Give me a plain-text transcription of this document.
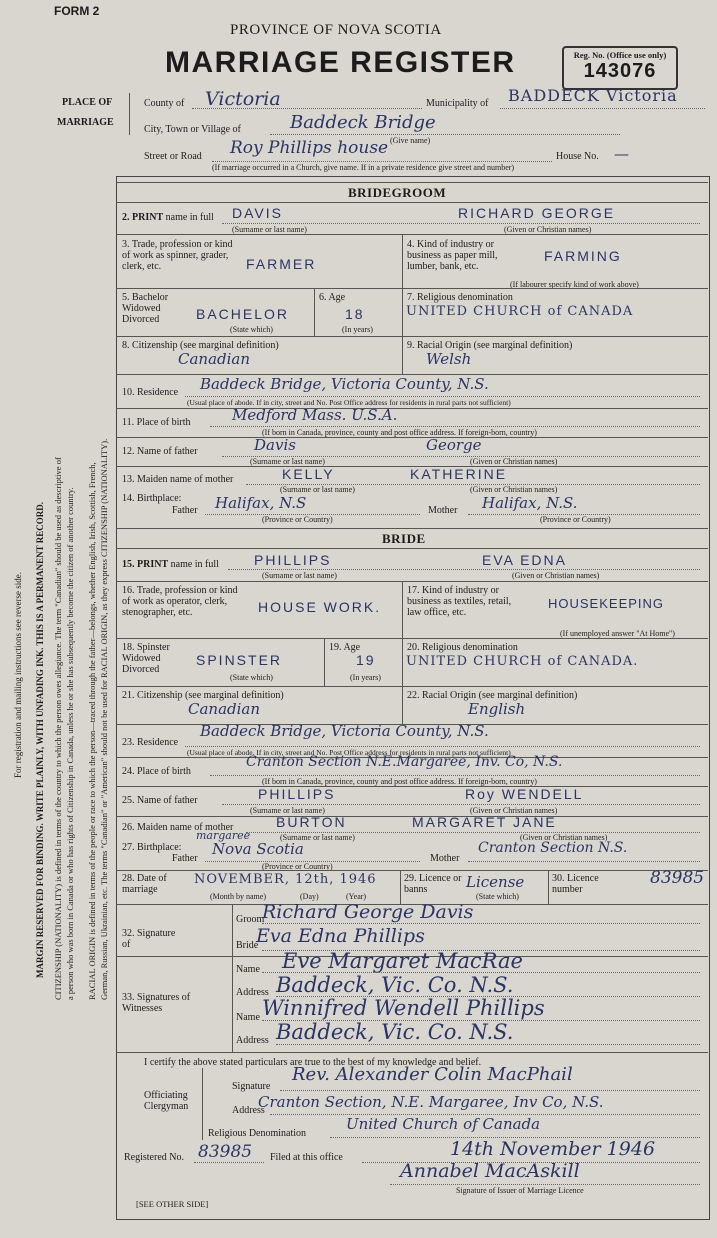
For registration and mailing instructions see reverse side. MARGIN RESERVED FOR BINDING. WRITE PLAINLY, WITH UNFADING INK. THIS IS A PERMANENT RECORD. CITIZENSHIP (NATIONALITY) is defined in terms of the country to which the person owes allegiance. The term "Canadian" should be used as descriptive of a person who was born in Canada or who has rights of Citizenship in Canada, unless he or she has subsequently become the citizen of another country. RACIAL ORIGIN is defined in terms of the people or race to which the person—traced through the father—belongs, whether English, Irish, Scottish, French, German, Russian, Ukrainian, etc. The terms "Canadian" or "American" should not be used for RACIAL ORIGIN, as they express CITIZENSHIP (NATIONALITY).
FORM 2
PROVINCE OF NOVA SCOTIA
MARRIAGE REGISTER	Reg. No. (Office use only)
143076
PLACE OF
MARRIAGE
County of Victoria	Municipality of BADDECK Victoria
City, Town or Village of	Baddeck Bridge
(Give name)
Street or Road Roy Phillips house	House No. —
(If marriage occurred in a Church, give name. If in a private residence give street and number)
BRIDEGROOM
2. PRINT name in full DAVIS	RICHARD GEORGE
(Surname or last name)	(Given or Christian names)
3. Trade, profession or kind of work as spinner, grader, clerk, etc.	FARMER
4. Kind of industry or business as paper mill, lumber, bank, etc.
FARMING
(If labourer specify kind of work above)
5. Bachelor Widowed Divorced	BACHELOR
(State which)
6. Age
18
(In years)
7. Religious denomination
UNITED CHURCH of CANADA
8. Citizenship (see marginal definition)
Canadian
9. Racial Origin (see marginal definition)
Welsh
10. Residence Baddeck Bridge, Victoria County, N.S.
(Usual place of abode. If in city, street and No. Post Office address for residents in rural parts not sufficient)
11. Place of birth	Medford Mass. U.S.A.
(If born in Canada, province, county and post office address. If foreign-born, country)
12. Name of father	Davis	George
(Surname or last name)	(Given or Christian names)
13. Maiden name of mother	KELLY	KATHERINE
(Surname or last name)	(Given or Christian names)
14. Birthplace:
Father Halifax, N.S
(Province or Country)
Mother Halifax, N.S.
(Province or Country)
BRIDE
15. PRINT name in full	PHILLIPS	EVA EDNA
(Surname or last name)	(Given or Christian names)
16. Trade, profession or kind of work as operator, clerk, stenographer, etc.	HOUSE WORK.
17. Kind of industry or business as textiles, retail, law office, etc.
HOUSEKEEPING
(If unemployed answer "At Home")
18. Spinster Widowed Divorced
SPINSTER
(State which)
19. Age
19
(In years)
20. Religious denomination
UNITED CHURCH of CANADA.
21. Citizenship (see marginal definition)
Canadian
22. Racial Origin (see marginal definition)
English
23. Residence
Baddeck Bridge, Victoria County, N.S.
(Usual place of abode. If in city, street and No. Post Office address for residents in rural parts not sufficient)
24. Place of birth
Cranton Section N.E.Margaree, Inv. Co, N.S.
(If born in Canada, province, county and post office address. If foreign-born, country)
25. Name of father	PHILLIPS	Roy WENDELL
(Surname or last name)	(Given or Christian names)
26. Maiden name of mother	BURTON	MARGARET JANE
(Surname or last name)	(Given or Christian names)
27. Birthplace:
margaree
Father
Nova Scotia
(Province or Country)
Mother
Cranton Section N.S.
28. Date of marriage
NOVEMBER, 12th, 1946
(Month by name)	(Day)	(Year)
29. Licence or banns	License
(State which)
30. Licence number
83985
32. Signature of
Groom
Richard George Davis
Bride
Eva Edna Phillips
33. Signatures of Witnesses
Name Eve Margaret MacRae
Address Baddeck, Vic. Co. N.S.
Name Winnifred Wendell Phillips
Address Baddeck, Vic. Co. N.S.
I certify the above stated particulars are true to the best of my knowledge and belief.
Officiating Clergyman
Signature
Rev. Alexander Colin MacPhail
Address
Cranton Section, N.E. Margaree, Inv Co, N.S.
Religious Denomination
United Church of Canada
Registered No. 83985 Filed at this office	14th November 1946
Annabel MacAskill
Signature of Issuer of Marriage Licence
[SEE OTHER SIDE]
